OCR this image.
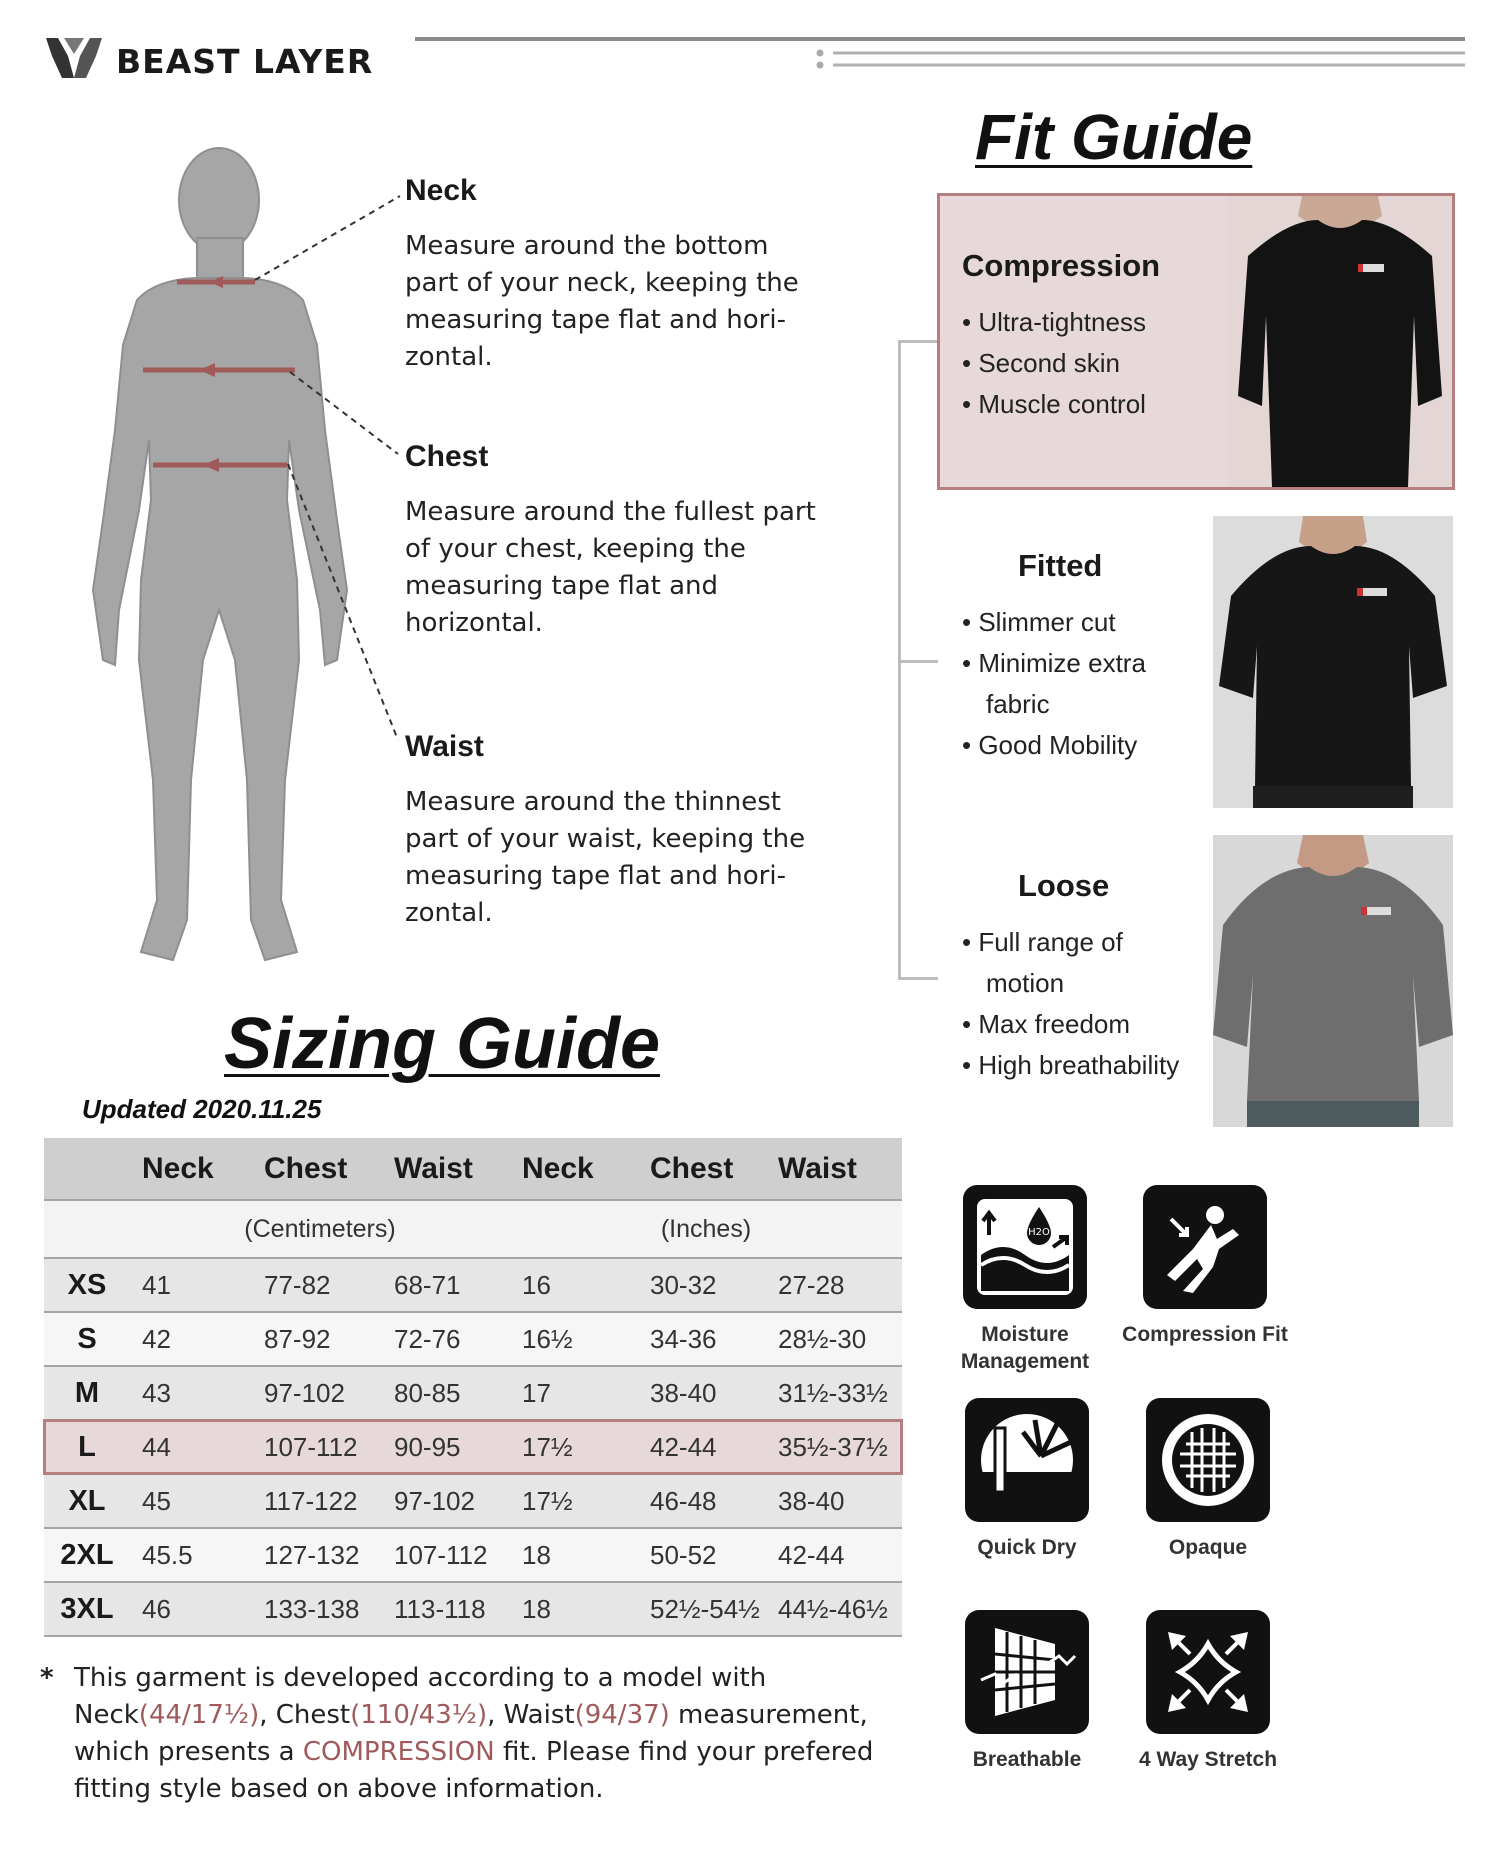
BEAST LAYER
Neck

Measure around the bottom part of your neck, keeping the measuring tape flat and hori-zontal.

Chest

Measure around the fullest part of your chest, keeping the measuring tape flat and horizontal.

Waist

Measure around the thinnest part of your waist, keeping the measuring tape flat and hori-zontal.

Fit Guide
Compression
• Ultra-tightness
• Second skin
• Muscle control
Fitted
• Slimmer cut
• Minimize extra
fabric
• Good Mobility
Loose
• Full range of
motion
• Max freedom
• High breathability
Sizing Guide
Updated 2020.11.25
	Neck	Chest	Waist	Neck	Chest	Waist
	(Centimeters)			(Inches)		
XS	41	77-82	68-71	16	30-32	27-28
S	42	87-92	72-76	16½	34-36	28½-30
M	43	97-102	80-85	17	38-40	31½-33½
L	44	107-112	90-95	17½	42-44	35½-37½
XL	45	117-122	97-102	17½	46-48	38-40
2XL	45.5	127-132	107-112	18	50-52	42-44
3XL	46	133-138	113-118	18	52½-54½	44½-46½
* This garment is developed according to a model with
Neck(44/17½), Chest(110/43½), Waist(94/37) measurement,
which presents a COMPRESSION fit. Please find your prefered fitting style based on above information.
H2O
Moisture Management
Compression Fit
Quick Dry	Opaque
Breathable	4 Way Stretch
